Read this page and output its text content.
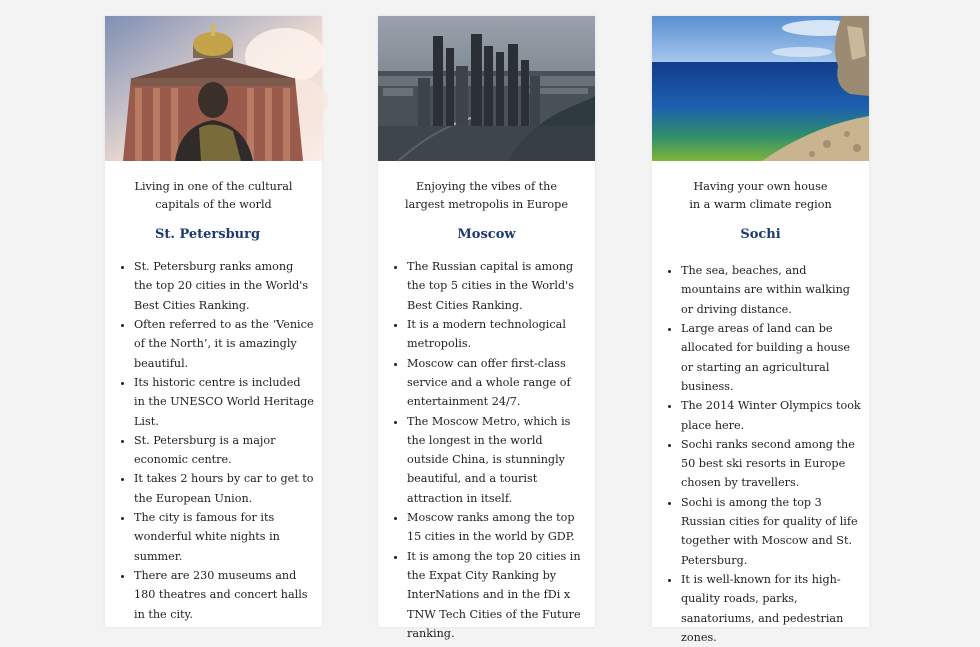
Living in one of the cultural
capitals of the world
St. Petersburg
• St. Petersburg ranks among the top 20 cities in the World's Best Cities Ranking.
• Often referred to as the ‘Venice of the North’, it is amazingly beautiful.
• Its historic centre is included in the UNESCO World Heritage List.
• St. Petersburg is a major economic centre.
• It takes 2 hours by car to get to the European Union.
• The city is famous for its wonderful white nights in summer.
• There are 230 museums and 180 theatres and concert halls in the city.
Enjoying the vibes of the
largest metropolis in Europe
Moscow
• The Russian capital is among the top 5 cities in the World's Best Cities Ranking.
• It is a modern technological metropolis.
• Moscow can offer first-class service and a whole range of entertainment 24/7.
• The Moscow Metro, which is the longest in the world outside China, is stunningly beautiful, and a tourist attraction in itself.
• Moscow ranks among the top 15 cities in the world by GDP.
• It is among the top 20 cities in the Expat City Ranking by InterNations and in the fDi x TNW Tech Cities of the Future ranking.
Having your own house
in a warm climate region
Sochi
• The sea, beaches, and mountains are within walking or driving distance.
• Large areas of land can be allocated for building a house or starting an agricultural business.
• The 2014 Winter Olympics took place here.
• Sochi ranks second among the 50 best ski resorts in Europe chosen by travellers.
• Sochi is among the top 3 Russian cities for quality of life together with Moscow and St. Petersburg.
• It is well-known for its high-quality roads, parks, sanatoriums, and pedestrian zones.
